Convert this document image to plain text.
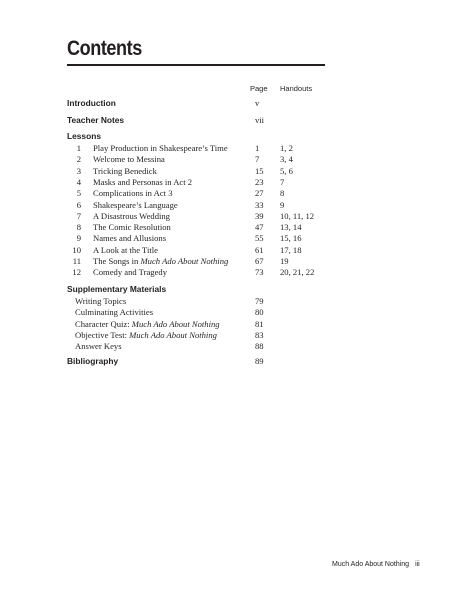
Contents
Page Handouts
Introduction	v
Teacher Notes	vii
Lessons
1 Play Production in Shakespeare’s Time	1 1, 2
2 Welcome to Messina	7 3, 4
3 Tricking Benedick	15 5, 6
4 Masks and Personas in Act 2	23 7
5 Complications in Act 3	27 8
6 Shakespeare’s Language	33 9
7 A Disastrous Wedding	39 10, 11, 12
8 The Comic Resolution	47 13, 14
9 Names and Allusions	55 15, 16
10 A Look at the Title	61 17, 18
11 The Songs in Much Ado About Nothing	67 19
12 Comedy and Tragedy	73 20, 21, 22
Supplementary Materials
Writing Topics	79
Culminating Activities	80
Character Quiz: Much Ado About Nothing	81
Objective Test: Much Ado About Nothing	83
Answer Keys	88
Bibliography	89
Much Ado About Nothing iii
